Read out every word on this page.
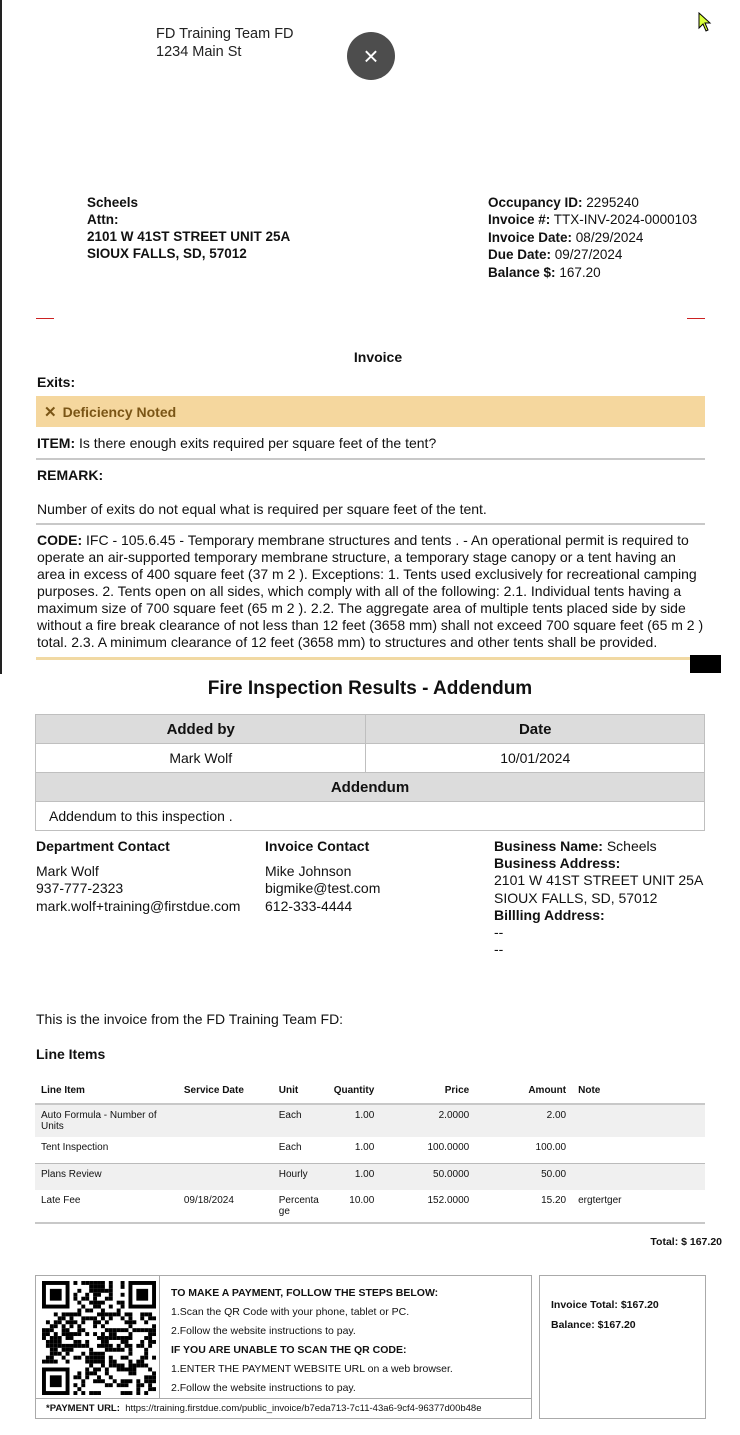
FD Training Team FD
1234 Main St	×
Scheels
Attn:
2101 W 41ST STREET UNIT 25A
SIOUX FALLS, SD, 57012
Occupancy ID: 2295240
Invoice #: TTX-INV-2024-0000103
Invoice Date: 08/29/2024
Due Date: 09/27/2024
Balance $: 167.20
Invoice
Exits:
✕ Deficiency Noted
ITEM: Is there enough exits required per square feet of the tent?
REMARK:
Number of exits do not equal what is required per square feet of the tent.
CODE: IFC - 105.6.45 - Temporary membrane structures and tents . - An operational permit is required to operate an air-supported temporary membrane structure, a temporary stage canopy or a tent having an area in excess of 400 square feet (37 m 2 ). Exceptions: 1. Tents used exclusively for recreational camping purposes. 2. Tents open on all sides, which comply with all of the following: 2.1. Individual tents having a maximum size of 700 square feet (65 m 2 ). 2.2. The aggregate area of multiple tents placed side by side without a fire break clearance of not less than 12 feet (3658 mm) shall not exceed 700 square feet (65 m 2 ) total. 2.3. A minimum clearance of 12 feet (3658 mm) to structures and other tents shall be provided.
Fire Inspection Results - Addendum
Added by	Date
Mark Wolf	10/01/2024
Addendum	
Addendum to this inspection .	
Department Contact
Mark Wolf
937-777-2323
mark.wolf+training@firstdue.com
Invoice Contact
Mike Johnson
bigmike@test.com
612-333-4444
Business Name: Scheels
Business Address:
2101 W 41ST STREET UNIT 25A
SIOUX FALLS, SD, 57012
Billling Address:
--
--
This is the invoice from the FD Training Team FD:
Line Items
Line Item	Service Date	Unit	Quantity	Price	Amount	Note
Auto Formula - Number of Units		Each	1.00	2.0000	2.00	
Tent Inspection		Each	1.00	100.0000	100.00	
Plans Review		Hourly	1.00	50.0000	50.00	
Late Fee	09/18/2024	Percentage	10.00	152.0000	15.20	ergtertger
Total: $ 167.20
TO MAKE A PAYMENT, FOLLOW THE STEPS BELOW:
1.Scan the QR Code with your phone, tablet or PC.
2.Follow the website instructions to pay.
IF YOU ARE UNABLE TO SCAN THE QR CODE:
1.ENTER THE PAYMENT WEBSITE URL on a web browser.
2.Follow the website instructions to pay.
*PAYMENT URL: https://training.firstdue.com/public_invoice/b7eda713-7c11-43a6-9cf4-96377d00b48e
Invoice Total: $167.20
Balance: $167.20
